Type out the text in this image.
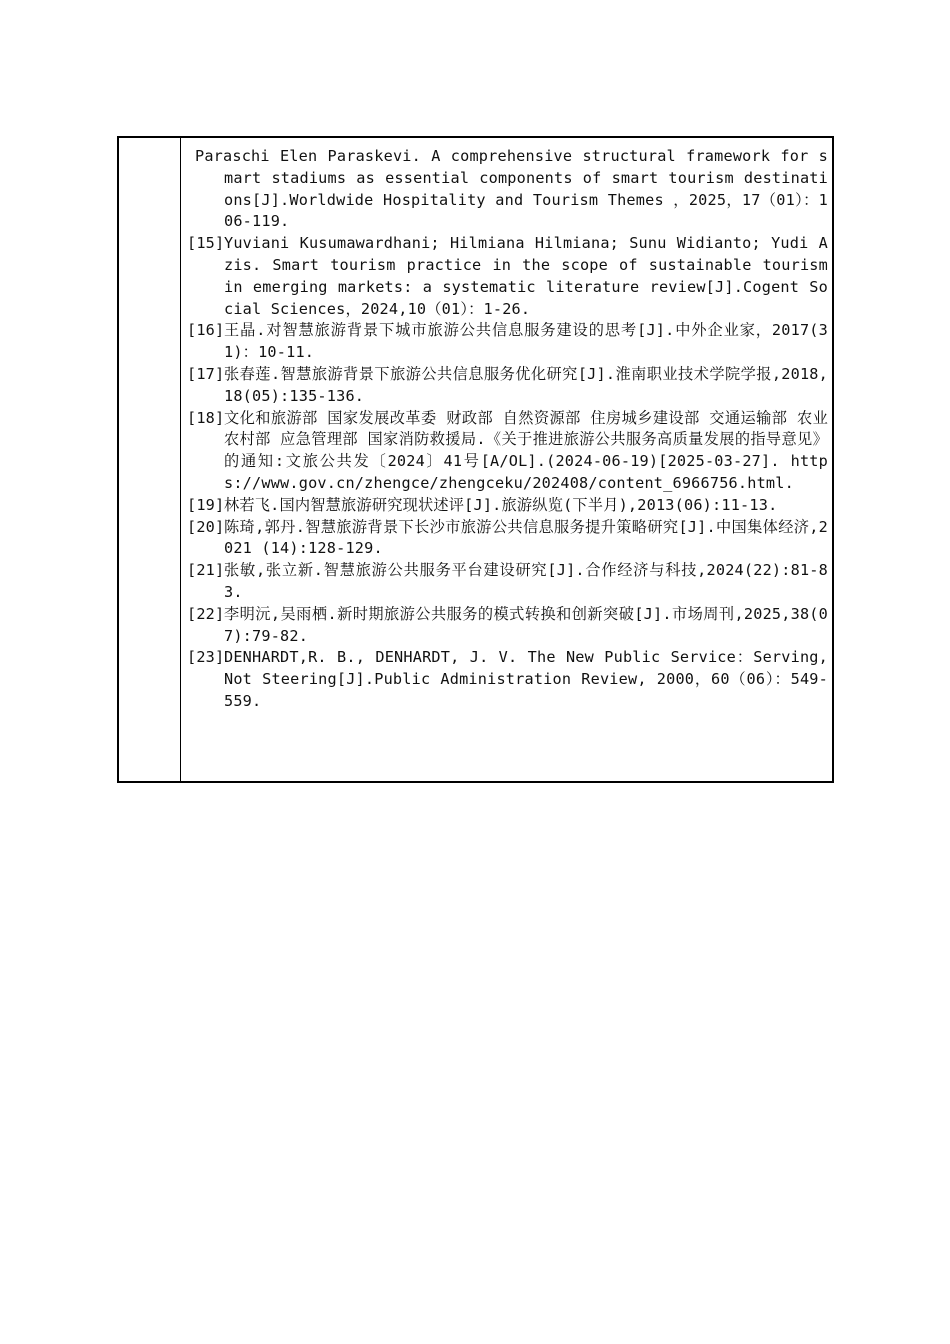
Paraschi Elen Paraskevi. A comprehensive structural framework for smart stadiums as essential components of smart tourism destinations[J].Worldwide Hospitality and Tourism Themes ，2025，17（01）：106-119.
[15] Yuviani Kusumawardhani; Hilmiana Hilmiana; Sunu Widianto; Yudi Azis. Smart tourism practice in the scope of sustainable tourism in emerging markets: a systematic literature review[J].Cogent Social Sciences，2024,10（01）：1-26.
[16] 王晶.对智慧旅游背景下城市旅游公共信息服务建设的思考[J].中外企业家，2017(31)：10-11.
[17] 张春莲.智慧旅游背景下旅游公共信息服务优化研究[J].淮南职业技术学院学报,2018,18(05):135-136.
[18] 文化和旅游部 国家发展改革委 财政部 自然资源部 住房城乡建设部 交通运输部 农业农村部 应急管理部 国家消防救援局.《关于推进旅游公共服务高质量发展的指导意见》的通知:文旅公共发〔2024〕41号[A/OL].(2024-06-19)[2025-03-27]. https://www.gov.cn/zhengce/zhengceku/202408/content_6966756.html.
[19] 林若飞.国内智慧旅游研究现状述评[J].旅游纵览(下半月),2013(06):11-13.
[20] 陈琦,郭丹.智慧旅游背景下长沙市旅游公共信息服务提升策略研究[J].中国集体经济,2021 (14):128-129.
[21] 张敏,张立新.智慧旅游公共服务平台建设研究[J].合作经济与科技,2024(22):81-83.
[22] 李明沅,吴雨栖.新时期旅游公共服务的模式转换和创新突破[J].市场周刊,2025,38(07):79-82.
[23] DENHARDT,R. B., DENHARDT, J. V. The New Public Service：Serving, Not Steering[J].Public Administration Review, 2000，60（06）：549-559.
